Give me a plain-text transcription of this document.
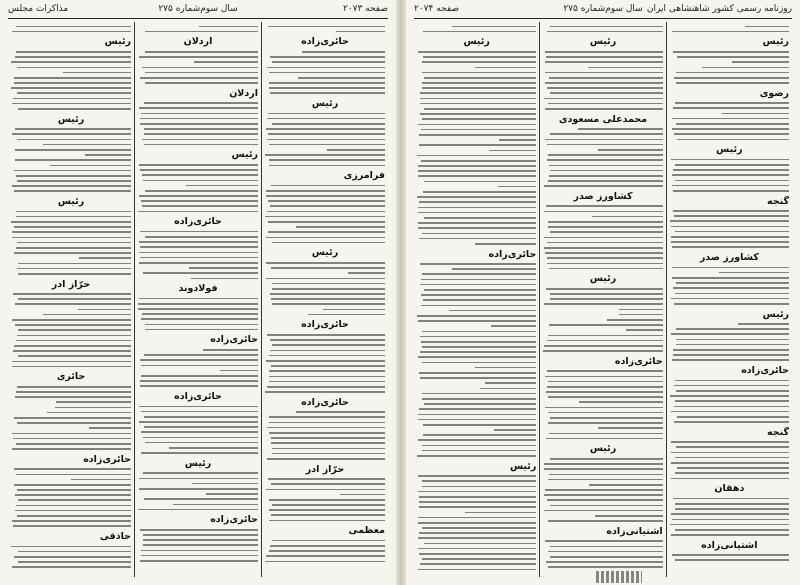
صفحه ۲۰۷۳
سال سوم‌شماره ۲۷۵
مذاکرات مجلس
حائری‌زاده
رئیس
فرامرزی
رئیس
حائری‌زاده
حائری‌زاده
حرّاز ادر
معظمی
اردلان
اردلان
رئیس
حائری‌زاده
فولادوند
حائری‌زاده
حائری‌زاده
رئیس
حائری‌زاده
رئیس
رئیس
رئیس
حرّاز ادر
حائری
حائری‌زاده
حاذقی
روزنامه رسمی کشور شاهنشاهی ایران
سال سوم‌شماره ۲۷۵
صفحه ۲۰۷۴
رئیس
رضوی
رئیس
گنجه
کشاورز صدر
رئیس
حائری‌زاده
گنجه
دهقان
آشتیانی‌زاده
رئیس
محمدعلی مسعودی
کشاورز صدر
رئیس
حائری‌زاده
رئیس
آشتیانی‌زاده
رئیس
حائری‌زاده
رئیس
